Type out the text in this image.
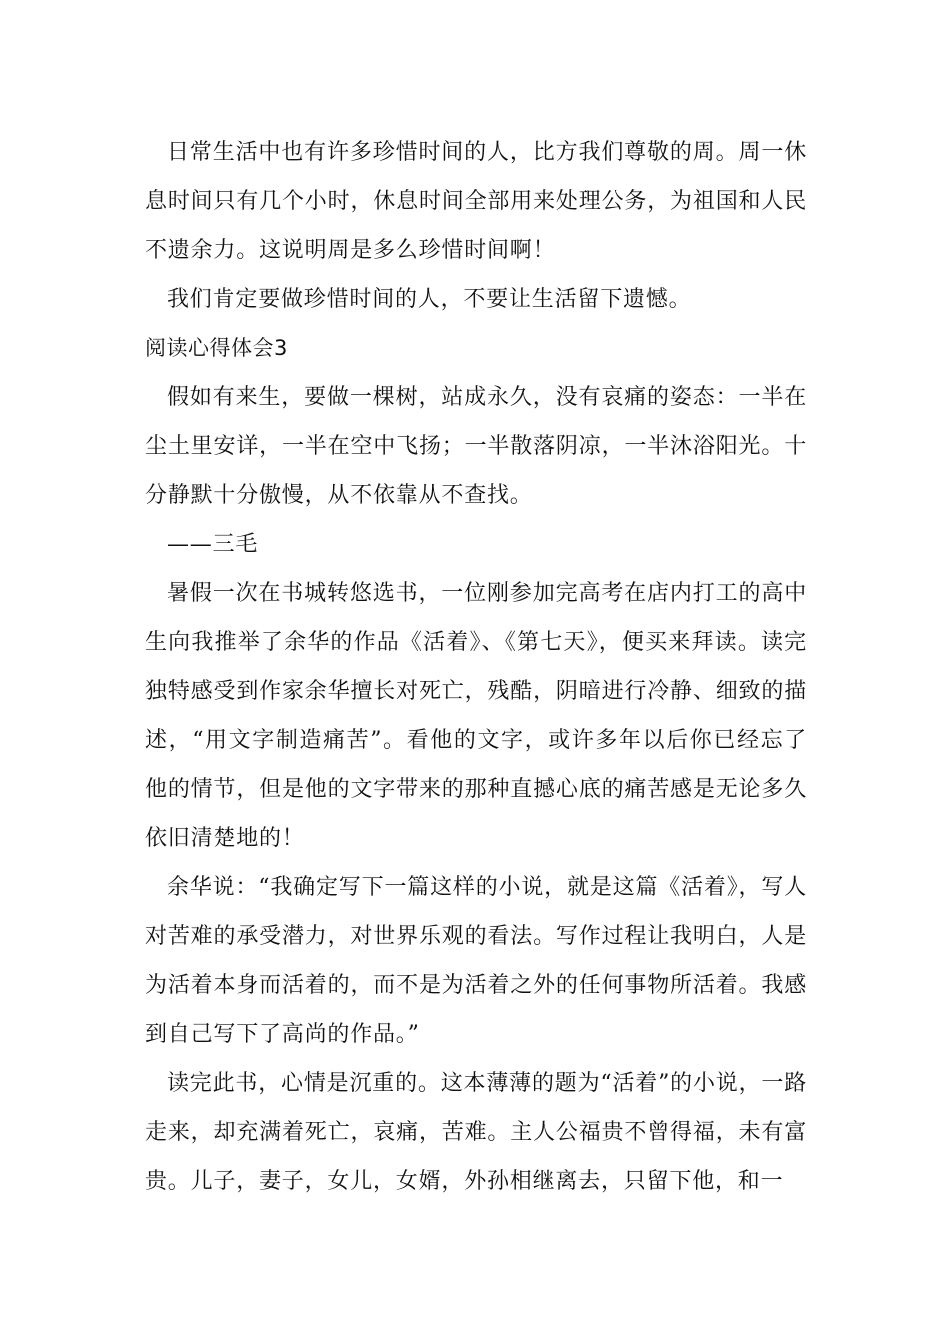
日常生活中也有许多珍惜时间的人，比方我们尊敬的周。周一休息时间只有几个小时，休息时间全部用来处理公务，为祖国和人民不遗余力。这说明周是多么珍惜时间啊！

我们肯定要做珍惜时间的人，不要让生活留下遗憾。

阅读心得体会3

假如有来生，要做一棵树，站成永久，没有哀痛的姿态：一半在尘土里安详，一半在空中飞扬；一半散落阴凉，一半沐浴阳光。十分静默十分傲慢，从不依靠从不查找。

——三毛

暑假一次在书城转悠选书，一位刚参加完高考在店内打工的高中生向我推举了余华的作品《活着》、《第七天》，便买来拜读。读完独特感受到作家余华擅长对死亡，残酷，阴暗进行冷静、细致的描述，“用文字制造痛苦”。看他的文字，或许多年以后你已经忘了他的情节，但是他的文字带来的那种直撼心底的痛苦感是无论多久依旧清楚地的！

余华说：“我确定写下一篇这样的小说，就是这篇《活着》，写人对苦难的承受潜力，对世界乐观的看法。写作过程让我明白，人是为活着本身而活着的，而不是为活着之外的任何事物所活着。我感到自己写下了高尚的作品。”

读完此书，心情是沉重的。这本薄薄的题为“活着”的小说，一路走来，却充满着死亡，哀痛，苦难。主人公福贵不曾得福，未有富贵。儿子，妻子，女儿，女婿，外孙相继离去，只留下他，和一
